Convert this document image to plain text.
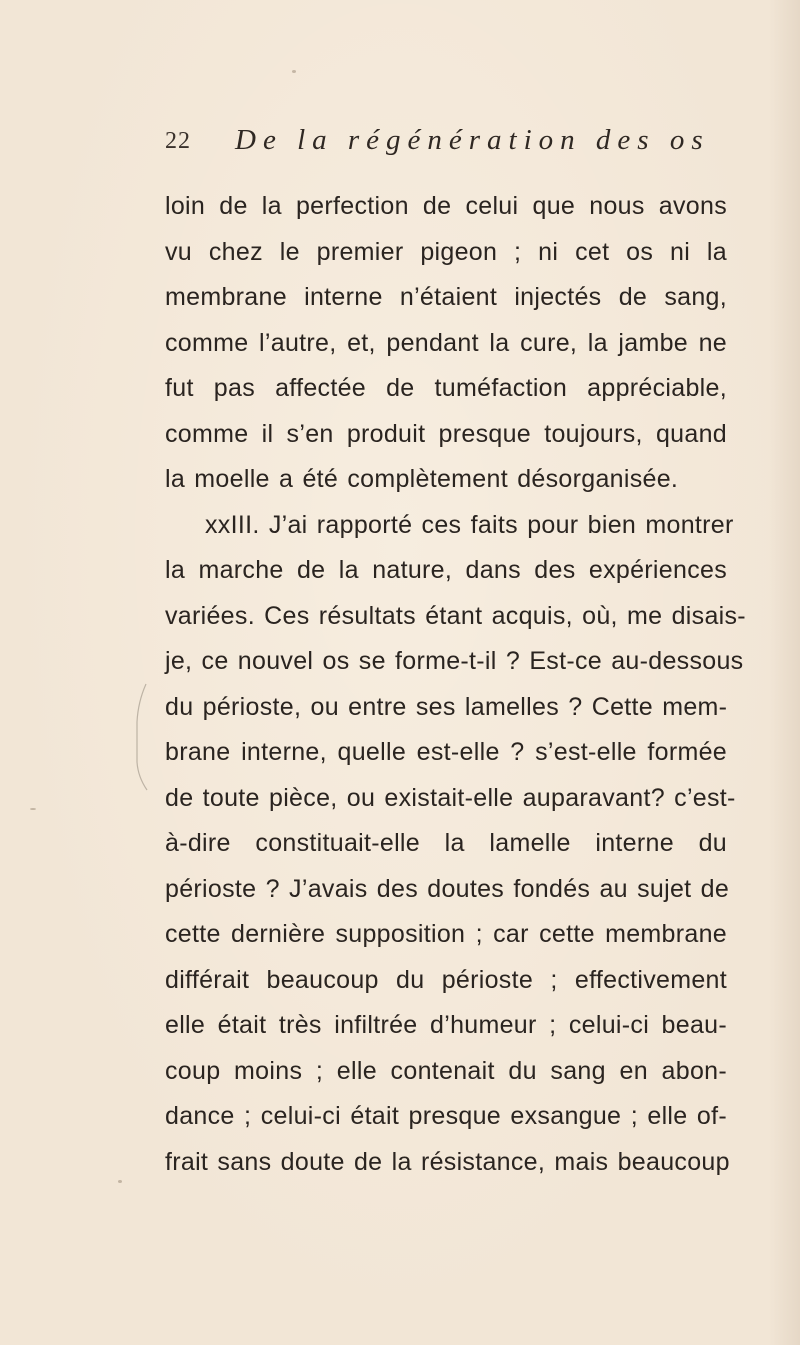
22 De la régénération des os
loin de la perfection de celui que nous avons
vu chez le premier pigeon ; ni cet os ni la
membrane interne n’étaient injectés de sang,
comme l’autre, et, pendant la cure, la jambe ne
fut pas affectée de tuméfaction appréciable,
comme il s’en produit presque toujours, quand
la moelle a été complètement désorganisée.
xxIII. J’ai rapporté ces faits pour bien montrer
la marche de la nature, dans des expériences
variées. Ces résultats étant acquis, où, me disais-
je, ce nouvel os se forme-t-il ? Est-ce au-dessous
du périoste, ou entre ses lamelles ? Cette mem-
brane interne, quelle est-elle ? s’est-elle formée
de toute pièce, ou existait-elle auparavant? c’est-
à-dire constituait-elle la lamelle interne du
périoste ? J’avais des doutes fondés au sujet de
cette dernière supposition ; car cette membrane
différait beaucoup du périoste ; effectivement
elle était très infiltrée d’humeur ; celui-ci beau-
coup moins ; elle contenait du sang en abon-
dance ; celui-ci était presque exsangue ; elle of-
frait sans doute de la résistance, mais beaucoup
